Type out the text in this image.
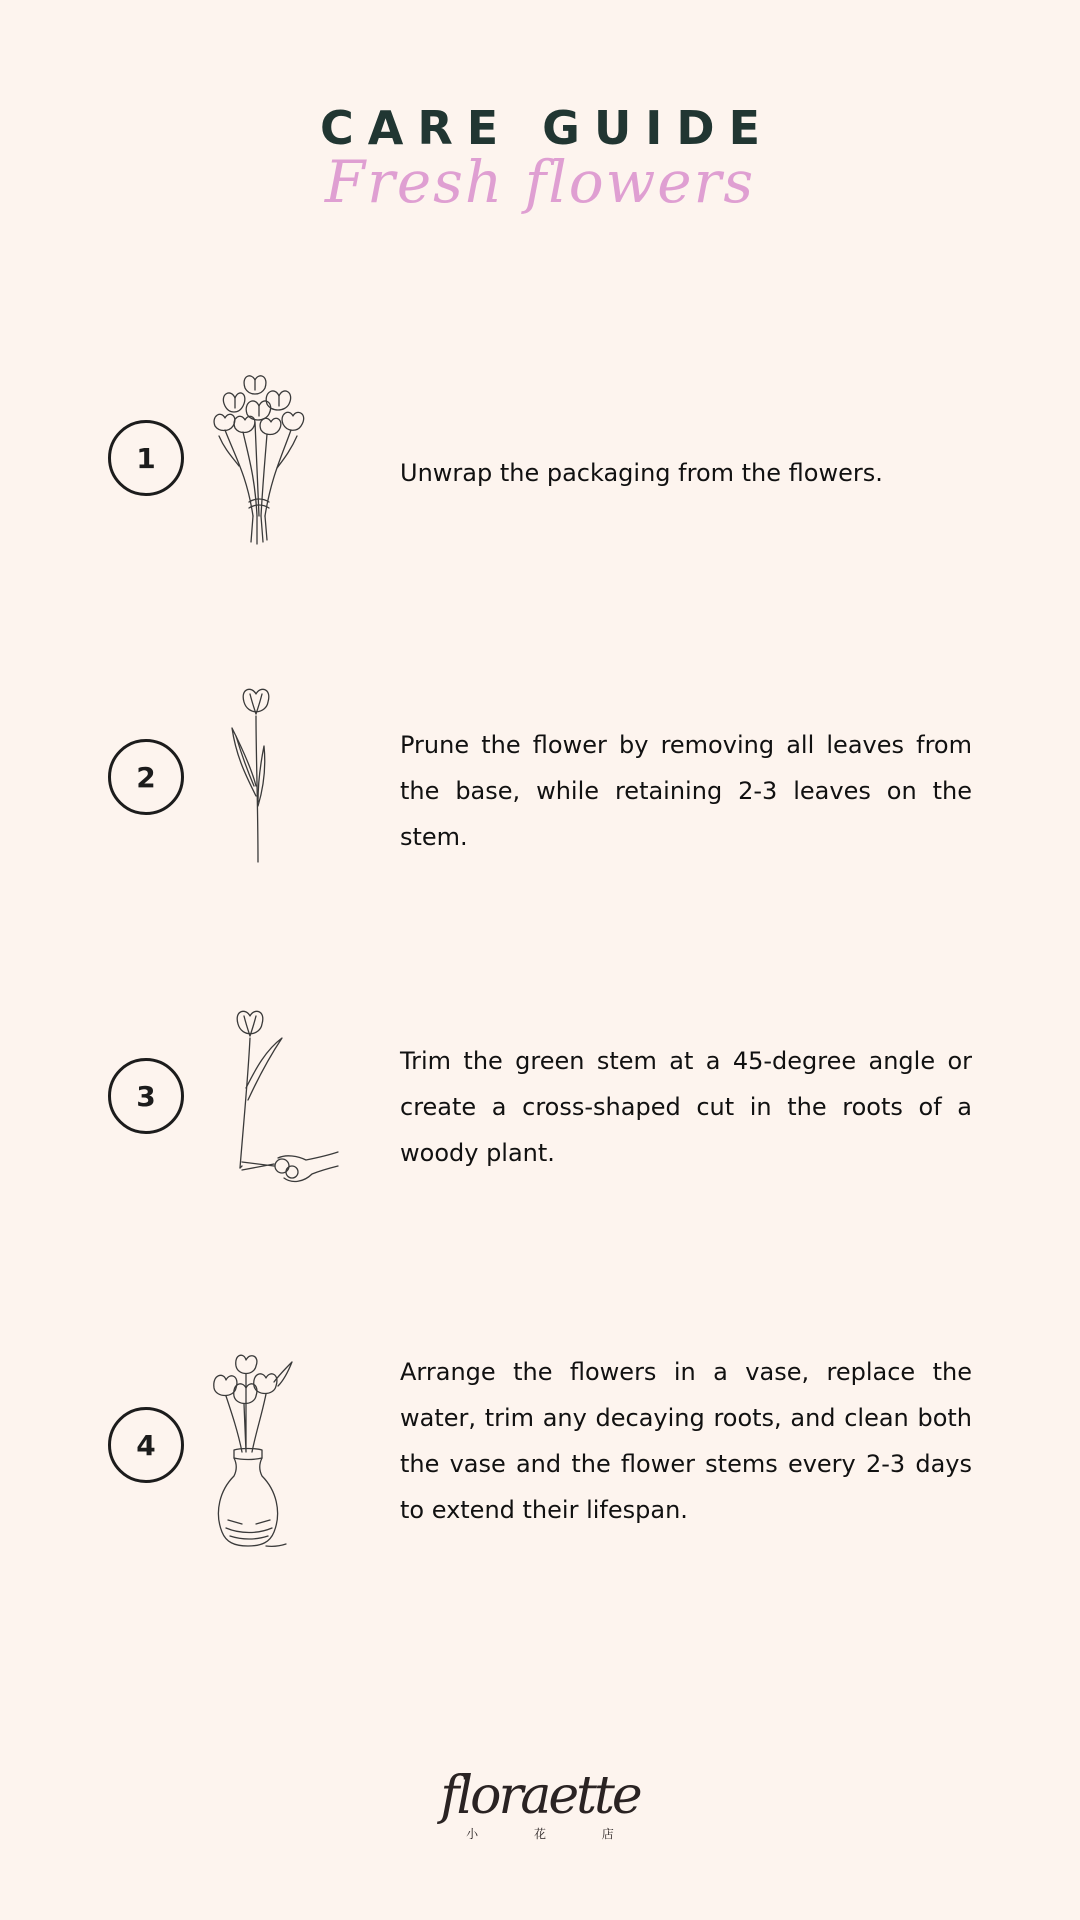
CARE GUIDE
Fresh flowers
1	Unwrap the packaging from the flowers.

2

Prune the flower by removing all leaves from the base, while retaining 2-3 leaves on the stem.

3

Trim the green stem at a 45-degree angle or create a cross-shaped cut in the roots of a woody plant.

4

Arrange the flowers in a vase, replace the water, trim any decaying roots, and clean both the vase and the flower stems every 2-3 days to extend their lifespan.

floraette
小 花 店
